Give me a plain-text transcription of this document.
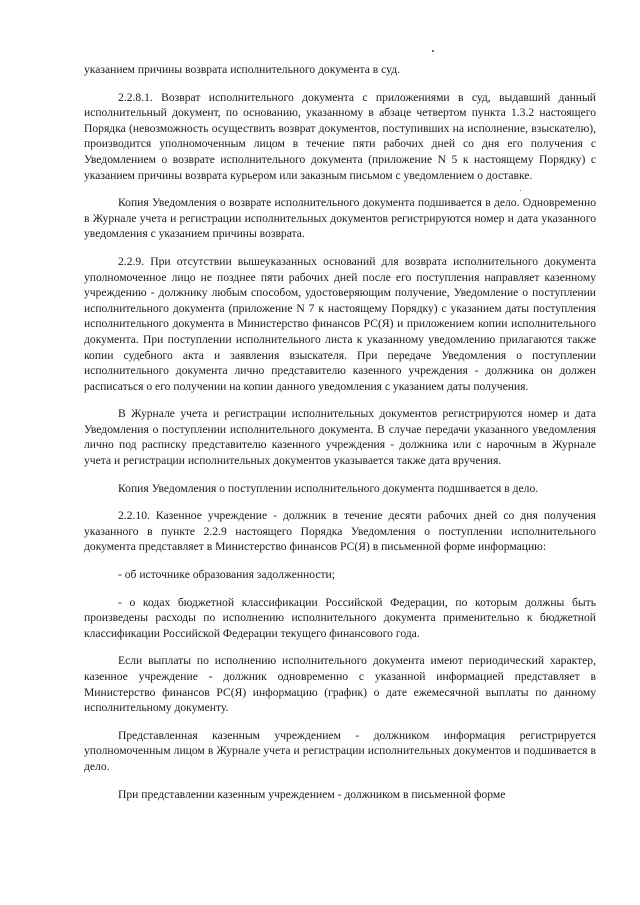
указанием причины возврата исполнительного документа в суд.

2.2.8.1. Возврат исполнительного документа с приложениями в суд, выдавший данный исполнительный документ, по основанию, указанному в абзаце четвертом пункта 1.3.2 настоящего Порядка (невозможность осуществить возврат документов, поступивших на исполнение, взыскателю), производится уполномоченным лицом в течение пяти рабочих дней со дня его получения с Уведомлением о возврате исполнительного документа (приложение N 5 к настоящему Порядку) с указанием причины возврата курьером или заказным письмом с уведомлением о доставке.

Копия Уведомления о возврате исполнительного документа подшивается в дело. Одновременно в Журнале учета и регистрации исполнительных документов регистрируются номер и дата указанного уведомления с указанием причины возврата.

2.2.9. При отсутствии вышеуказанных оснований для возврата исполнительного документа уполномоченное лицо не позднее пяти рабочих дней после его поступления направляет казенному учреждению - должнику любым способом, удостоверяющим получение, Уведомление о поступлении исполнительного документа (приложение N 7 к настоящему Порядку) с указанием даты поступления исполнительного документа в Министерство финансов РС(Я) и приложением копии исполнительного документа. При поступлении исполнительного листа к указанному уведомлению прилагаются также копии судебного акта и заявления взыскателя. При передаче Уведомления о поступлении исполнительного документа лично представителю казенного учреждения - должника он должен расписаться о его получении на копии данного уведомления с указанием даты получения.

В Журнале учета и регистрации исполнительных документов регистрируются номер и дата Уведомления о поступлении исполнительного документа. В случае передачи указанного уведомления лично под расписку представителю казенного учреждения - должника или с нарочным в Журнале учета и регистрации исполнительных документов указывается также дата вручения.

Копия Уведомления о поступлении исполнительного документа подшивается в дело.

2.2.10. Казенное учреждение - должник в течение десяти рабочих дней со дня получения указанного в пункте 2.2.9 настоящего Порядка Уведомления о поступлении исполнительного документа представляет в Министерство финансов РС(Я) в письменной форме информацию:

- об источнике образования задолженности;

- о кодах бюджетной классификации Российской Федерации, по которым должны быть произведены расходы по исполнению исполнительного документа применительно к бюджетной классификации Российской Федерации текущего финансового года.

Если выплаты по исполнению исполнительного документа имеют периодический характер, казенное учреждение - должник одновременно с указанной информацией представляет в Министерство финансов РС(Я) информацию (график) о дате ежемесячной выплаты по данному исполнительному документу.

Представленная казенным учреждением - должником информация регистрируется уполномоченным лицом в Журнале учета и регистрации исполнительных документов и подшивается в дело.

При представлении казенным учреждением - должником в письменной форме
